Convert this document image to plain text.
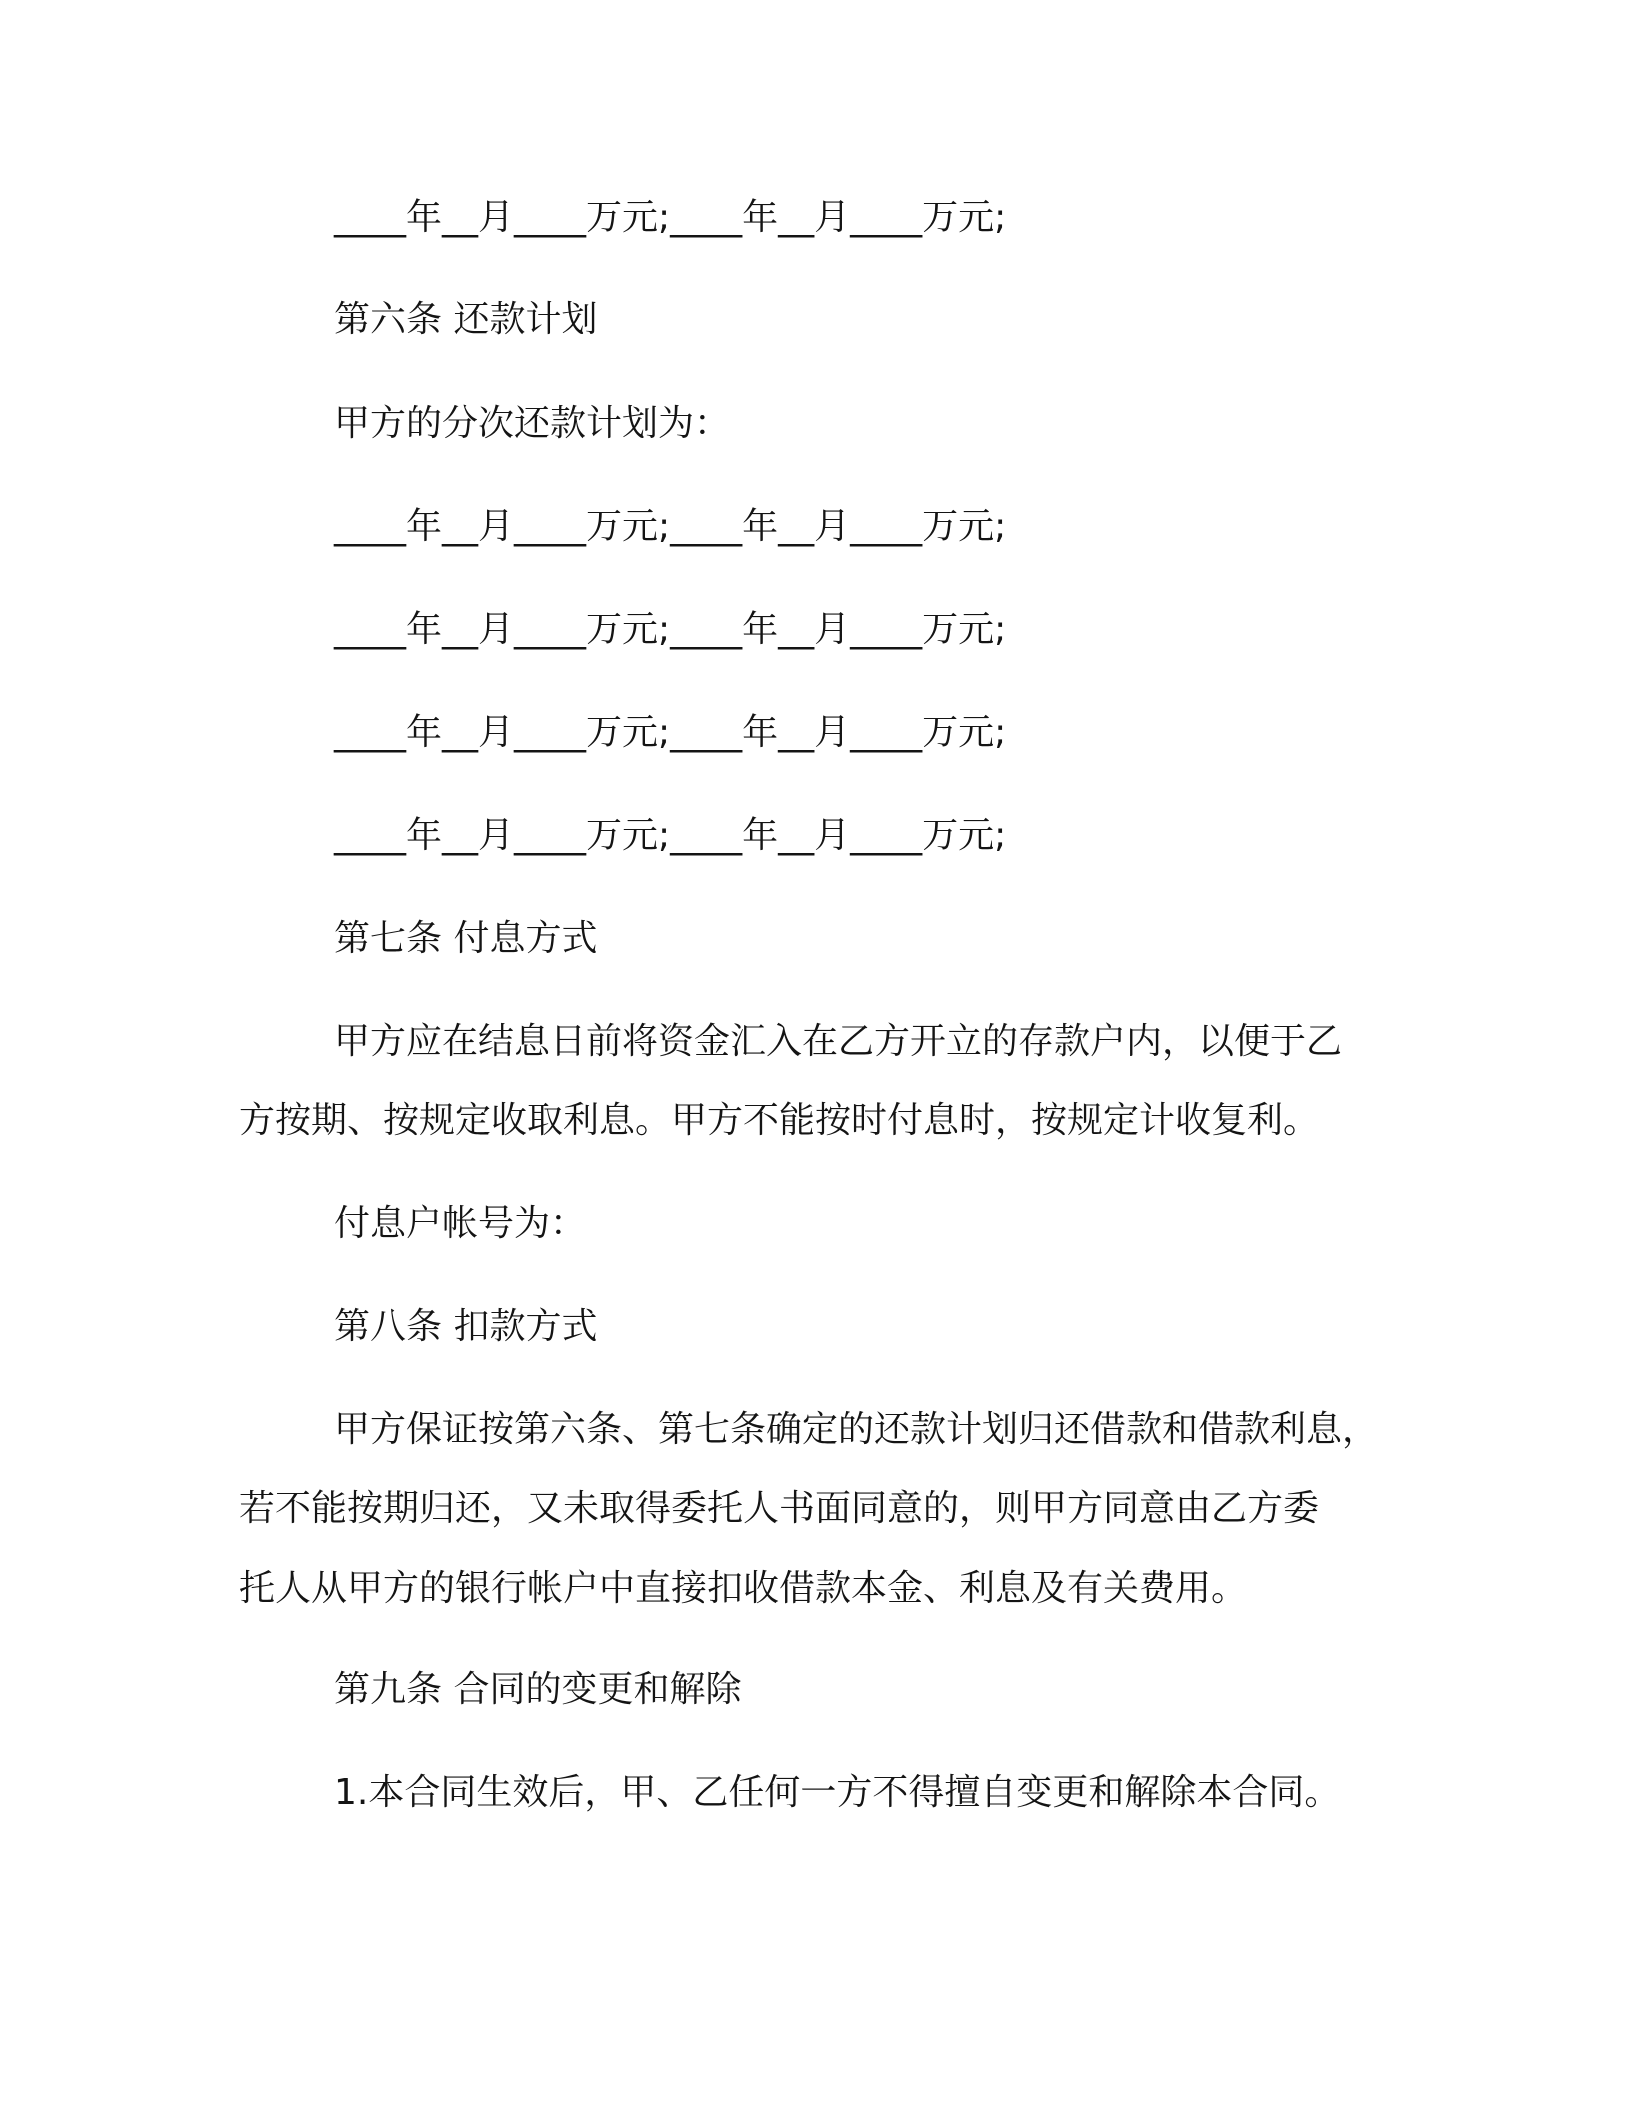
____年__月____万元;____年__月____万元;

第六条 还款计划

甲方的分次还款计划为：

____年__月____万元;____年__月____万元;

____年__月____万元;____年__月____万元;

____年__月____万元;____年__月____万元;

____年__月____万元;____年__月____万元;

第七条 付息方式

甲方应在结息日前将资金汇入在乙方开立的存款户内，以便于乙

方按期、按规定收取利息。甲方不能按时付息时，按规定计收复利。

付息户帐号为：

第八条 扣款方式

甲方保证按第六条、第七条确定的还款计划归还借款和借款利息，

若不能按期归还，又未取得委托人书面同意的，则甲方同意由乙方委

托人从甲方的银行帐户中直接扣收借款本金、利息及有关费用。

第九条 合同的变更和解除

1.本合同生效后，甲、乙任何一方不得擅自变更和解除本合同。
